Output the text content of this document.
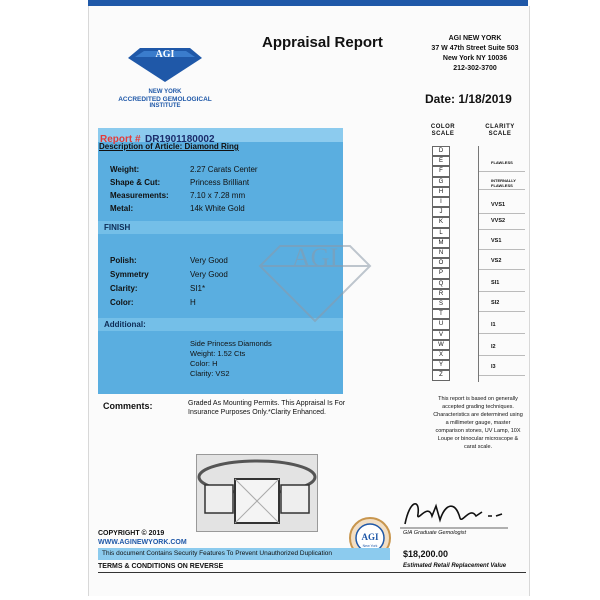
AGI
NEW YORK
ACCREDITED GEMOLOGICAL
INSTITUTE
Appraisal Report	AGI NEW YORK
37 W 47th Street Suite 503
New York NY 10036
212-302-3700
Date: 1/18/2019
Report # DR1901180002
Description of Article: Diamond Ring
Weight:	2.27 Carats Center
Shape & Cut:	Princess Brilliant
Measurements:	7.10 x 7.28 mm
Metal:	14k White Gold
FINISH
Polish:	Very Good
Symmetry	Very Good
Clarity:	SI1*
Color:	H
Additional:
Side Princess Diamonds
Weight: 1.52 Cts
Color: H
Clarity: VS2
AGI
COLOR SCALE
CLARITY SCALE
D
E
F
G
H
I
J
K
L
M
N
O
P
Q
R
S
T
U
V
W
X
Y
Z
FLAWLESS
INTERNALLY FLAWLESS
VVS1
VVS2
VS1
VS2
SI1
SI2
I1
I2
I3
This report is based on generally accepted grading techniques. Characteristics are determined using a millimeter gauge, master comparison stones, UV Lamp, 10X Loupe or binocular microscope & carat scale.
Comments:	Graded As Mounting Permits. This Appraisal Is For Insurance Purposes Only.*Clarity Enhanced.
AGI
New York
GIA Graduate Gemologist
$18,200.00
Estimated Retail Replacement Value
COPYRIGHT © 2019
WWW.AGINEWYORK.COM
This document Contains Security Features To Prevent Unauthorized Duplication
TERMS & CONDITIONS ON REVERSE
